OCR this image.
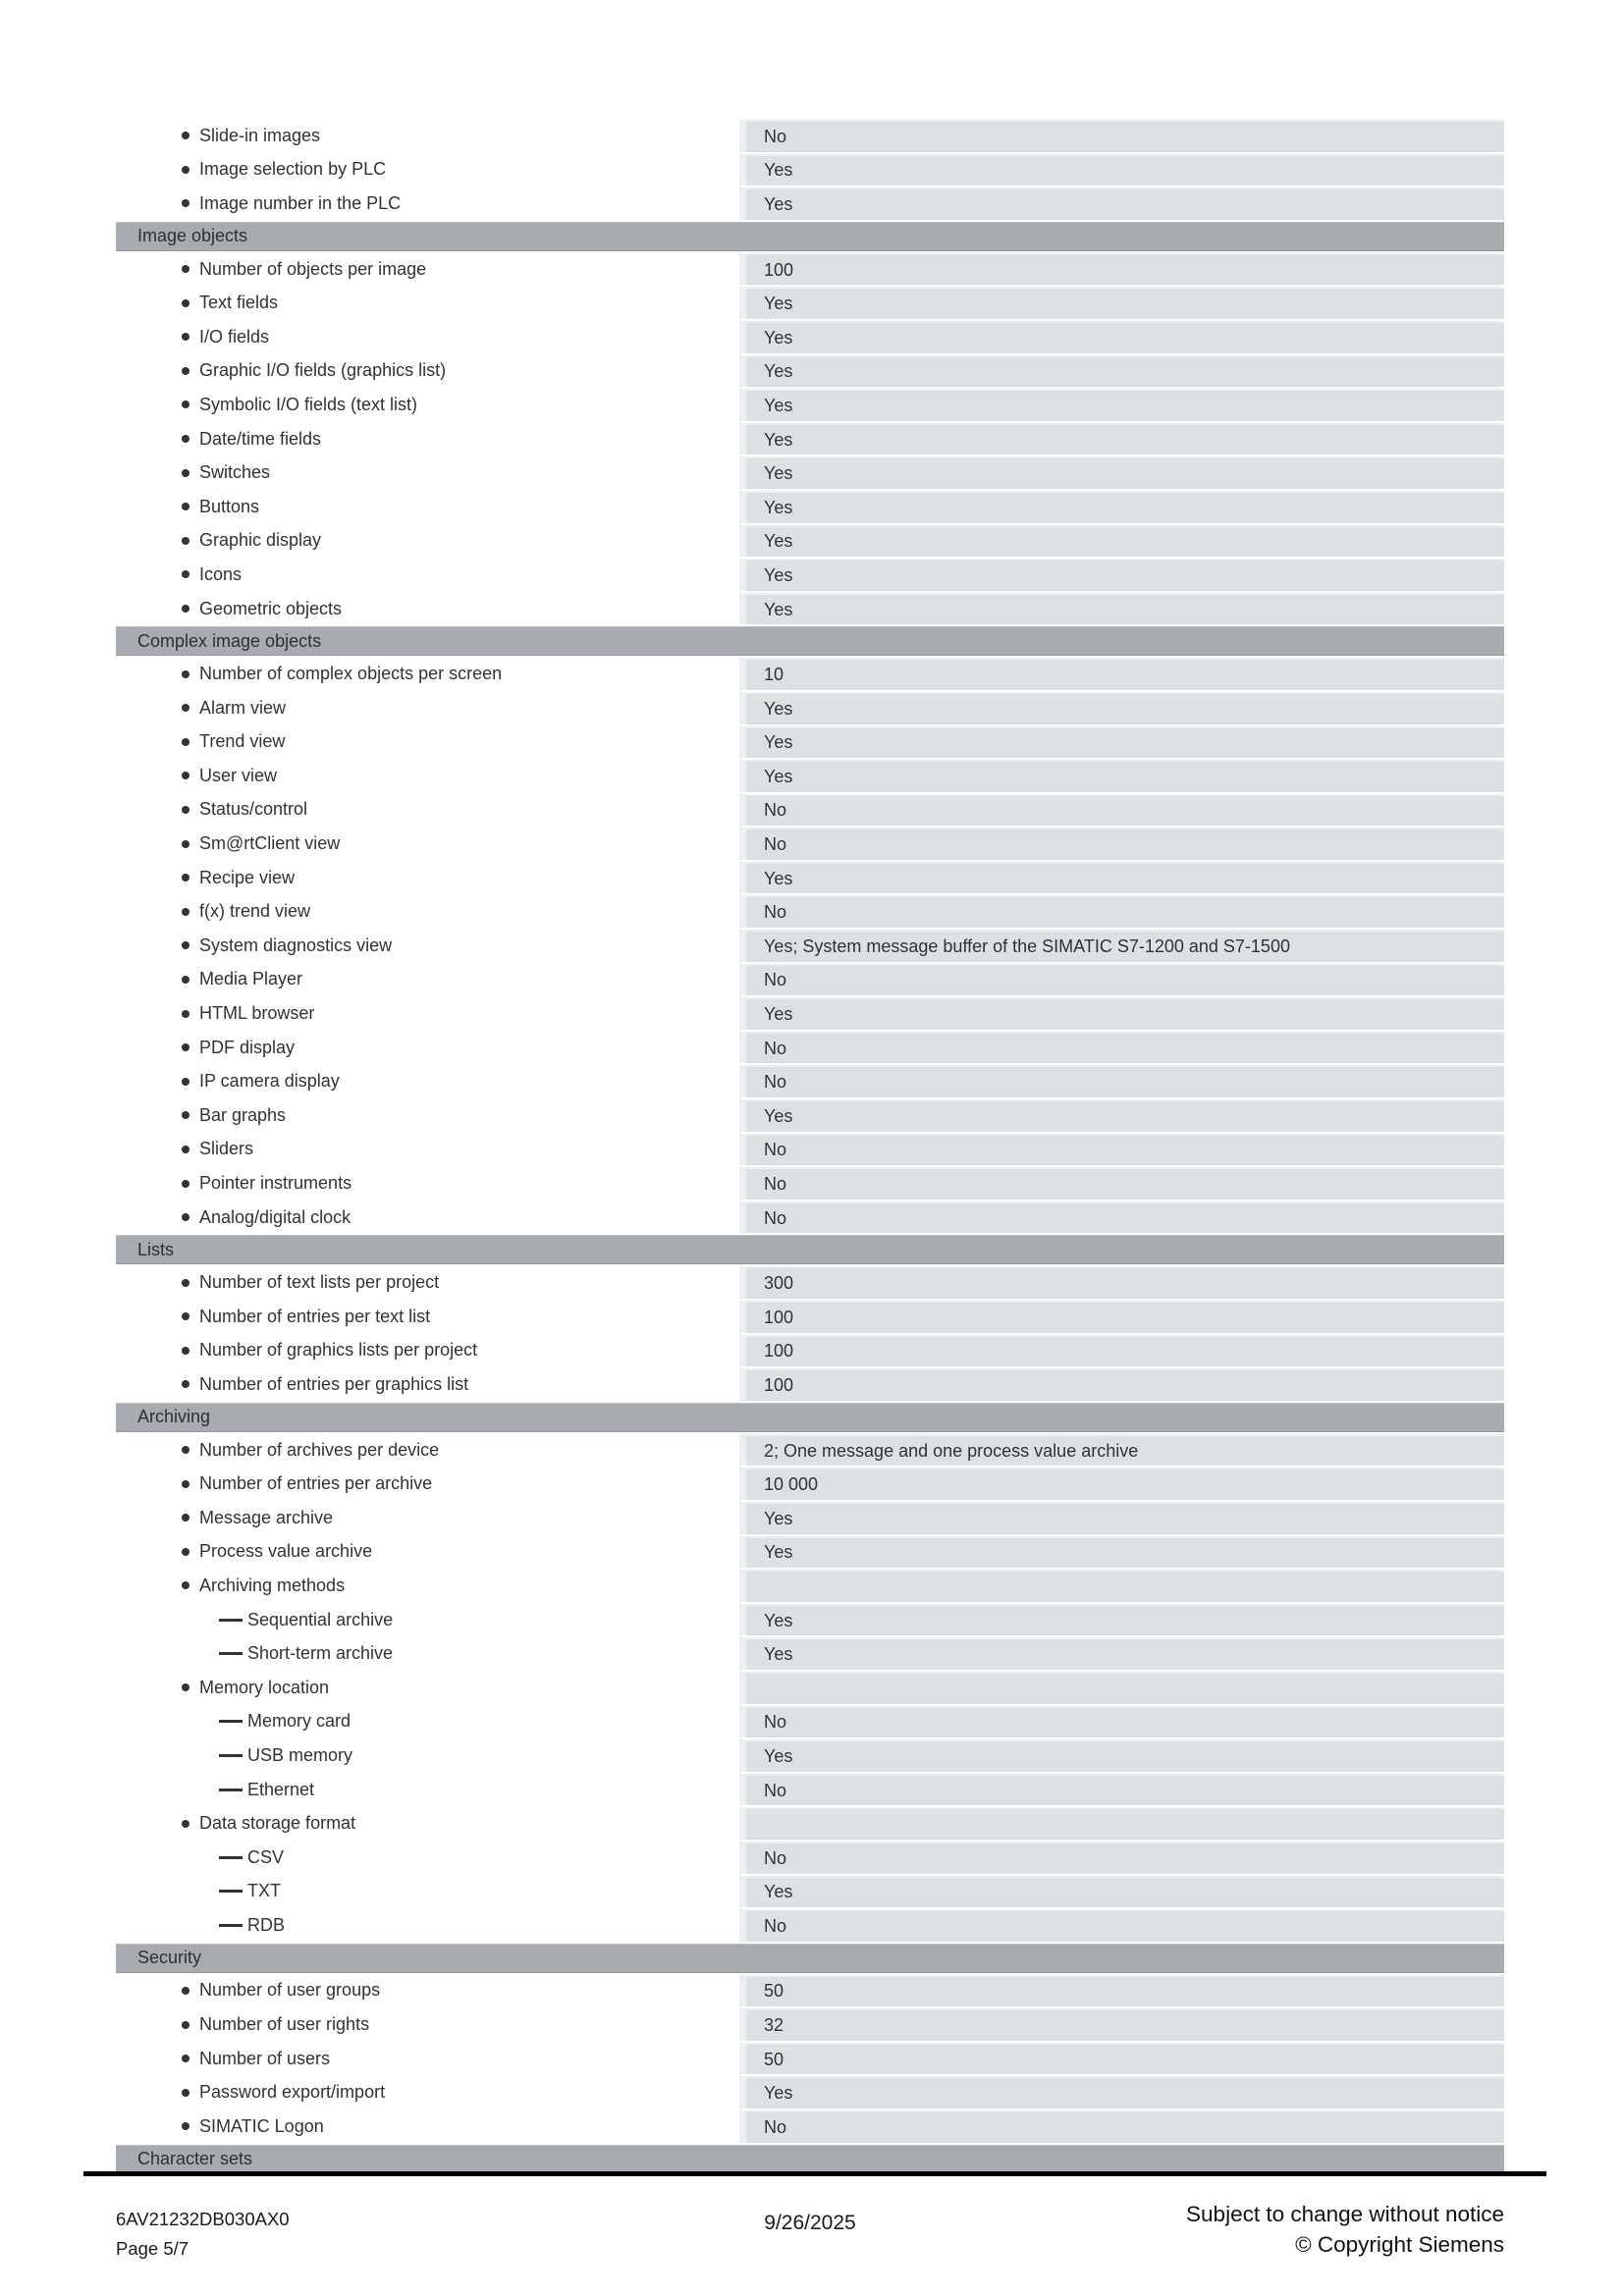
Slide-in images	No
Image selection by PLC	Yes
Image number in the PLC	Yes
Image objects
Number of objects per image	100
Text fields	Yes
I/O fields	Yes
Graphic I/O fields (graphics list)	Yes
Symbolic I/O fields (text list)	Yes
Date/time fields	Yes
Switches	Yes
Buttons	Yes
Graphic display	Yes
Icons	Yes
Geometric objects	Yes
Complex image objects
Number of complex objects per screen	10
Alarm view	Yes
Trend view	Yes
User view	Yes
Status/control	No
Sm@rtClient view	No
Recipe view	Yes
f(x) trend view	No
System diagnostics view	Yes; System message buffer of the SIMATIC S7-1200 and S7-1500
Media Player	No
HTML browser	Yes
PDF display	No
IP camera display	No
Bar graphs	Yes
Sliders	No
Pointer instruments	No
Analog/digital clock	No
Lists
Number of text lists per project	300
Number of entries per text list	100
Number of graphics lists per project	100
Number of entries per graphics list	100
Archiving
Number of archives per device	2; One message and one process value archive
Number of entries per archive	10 000
Message archive	Yes
Process value archive	Yes
Archiving methods
Sequential archive	Yes
Short-term archive	Yes
Memory location
Memory card	No
USB memory	Yes
Ethernet	No
Data storage format
CSV	No
TXT	Yes
RDB	No
Security
Number of user groups	50
Number of user rights	32
Number of users	50
Password export/import	Yes
SIMATIC Logon	No
Character sets
6AV21232DB030AX0
Page 5/7
9/26/2025	Subject to change without notice
© Copyright Siemens
